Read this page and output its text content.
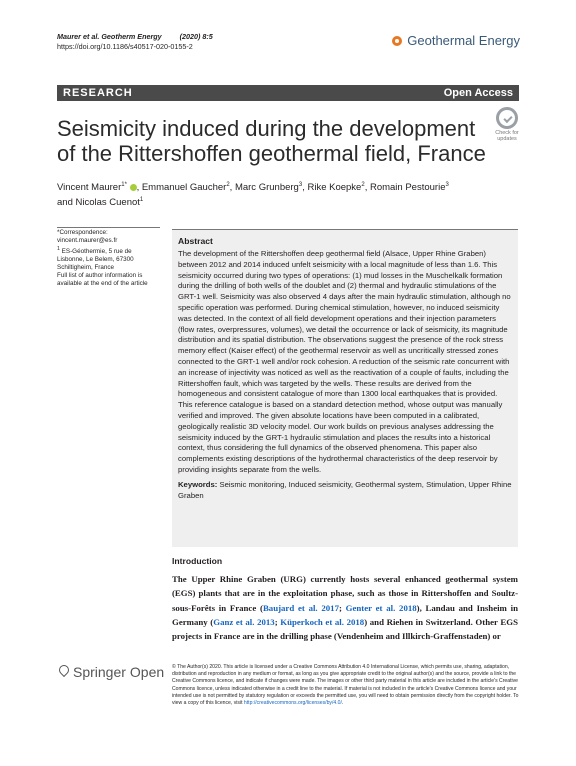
Maurer et al. Geotherm Energy (2020) 8:5
https://doi.org/10.1186/s40517-020-0155-2	Geothermal Energy
RESEARCH	Open Access
Seismicity induced during the development of the Rittershoffen geothermal field, France
Check for
updates
Vincent Maurer$^{1*}$ , Emmanuel Gaucher$^2$, Marc Grunberg$^3$, Rike Koepke$^2$, Romain Pestourie$^3$
and Nicolas Cuenot$^1$
*Correspondence:
vincent.maurer@es.fr
$^1$ ES-Géothermie, 5 rue de Lisbonne, Le Belem, 67300 Schiltigheim, France
Full list of author information is available at the end of the article
Abstract

The development of the Rittershoffen deep geothermal field (Alsace, Upper Rhine Graben) between 2012 and 2014 induced unfelt seismicity with a local magnitude of less than 1.6. This seismicity occurred during two types of operations: (1) mud losses in the Muschelkalk formation during the drilling of both wells of the doublet and (2) thermal and hydraulic stimulations of the GRT-1 well. Seismicity was also observed 4 days after the main hydraulic stimulation, although no specific operation was performed. During chemical stimulation, however, no induced seismicity was detected. In the context of all field development operations and their injection parameters (flow rates, overpressures, volumes), we detail the occurrence or lack of seismicity, its magnitude distribution and its spatial distribution. The observations suggest the presence of the rock stress memory effect (Kaiser effect) of the geothermal reservoir as well as uncritically stressed zones connected to the GRT-1 well and/or rock cohesion. A reduction of the seismic rate concurrent with an increase of injectivity was noticed as well as the reactivation of a couple of faults, including the Rittershoffen fault, which was targeted by the wells. These results are derived from the homogeneous and consistent catalogue of more than 1300 local earthquakes that is provided. This reference catalogue is based on a standard detection method, whose output was manually verified and improved. The given absolute locations have been computed in a calibrated, geologically realistic 3D velocity model. Our work builds on previous analyses addressing the seismicity induced by the GRT-1 hydraulic stimulation and places the results into a historical context, thus considering the full dynamics of the observed phenomena. This paper also complements existing descriptions of the hydrothermal characteristics of the deep reservoir by providing insights separate from the wells.

Keywords: Seismic monitoring, Induced seismicity, Geothermal system, Stimulation, Upper Rhine Graben
Introduction

The Upper Rhine Graben (URG) currently hosts several enhanced geothermal system (EGS) plants that are in the exploitation phase, such as those in Rittershoffen and Soultz-sous-Forêts in France (Baujard et al. 2017; Genter et al. 2018), Landau and Insheim in Germany (Ganz et al. 2013; Küperkoch et al. 2018) and Riehen in Switzerland. Other EGS projects in France are in the drilling phase (Vendenheim and Illkirch-Graffenstaden) or

Springer Open © The Author(s) 2020. This article is licensed under a Creative Commons Attribution 4.0 International License, which permits use, sharing, adaptation, distribution and reproduction in any medium or format, as long as you give appropriate credit to the original author(s) and the source, provide a link to the Creative Commons licence, and indicate if changes were made. The images or other third party material in this article are included in the article's Creative Commons licence, unless indicated otherwise in a credit line to the material. If material is not included in the article's Creative Commons licence and your intended use is not permitted by statutory regulation or exceeds the permitted use, you will need to obtain permission directly from the copyright holder. To view a copy of this licence, visit http://creativecommons.org/licenses/by/4.0/.
